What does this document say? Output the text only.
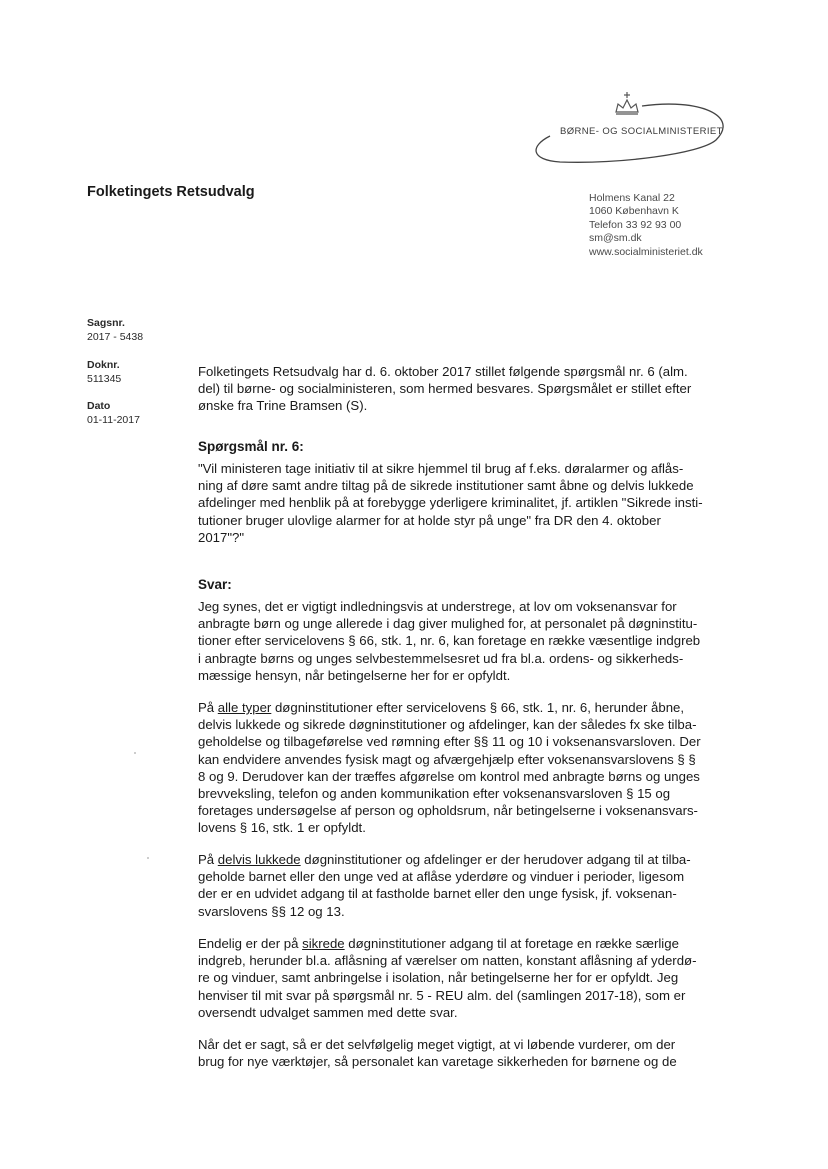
BØRNE- OG SOCIALMINISTERIET
Folketingets Retsudvalg	Holmens Kanal 22
1060 København K
Telefon 33 92 93 00
sm@sm.dk
www.socialministeriet.dk
Sagsnr.
2017 - 5438
Doknr.
511345
Dato
01-11-2017

Folketingets Retsudvalg har d. 6. oktober 2017 stillet følgende spørgsmål nr. 6 (alm.

del) til børne- og socialministeren, som hermed besvares. Spørgsmålet er stillet efter

ønske fra Trine Bramsen (S).

Spørgsmål nr. 6:

"Vil ministeren tage initiativ til at sikre hjemmel til brug af f.eks. døralarmer og aflås-

ning af døre samt andre tiltag på de sikrede institutioner samt åbne og delvis lukkede

afdelinger med henblik på at forebygge yderligere kriminalitet, jf. artiklen "Sikrede insti-

tutioner bruger ulovlige alarmer for at holde styr på unge" fra DR den 4. oktober

2017"?"

Svar:

Jeg synes, det er vigtigt indledningsvis at understrege, at lov om voksenansvar for

anbragte børn og unge allerede i dag giver mulighed for, at personalet på døgninstitu-

tioner efter servicelovens § 66, stk. 1, nr. 6, kan foretage en række væsentlige indgreb

i anbragte børns og unges selvbestemmelsesret ud fra bl.a. ordens- og sikkerheds-

mæssige hensyn, når betingelserne her for er opfyldt.

På alle typer døgninstitutioner efter servicelovens § 66, stk. 1, nr. 6, herunder åbne,

delvis lukkede og sikrede døgninstitutioner og afdelinger, kan der således fx ske tilba-

geholdelse og tilbageførelse ved rømning efter §§ 11 og 10 i voksenansvarsloven. Der

kan endvidere anvendes fysisk magt og afværgehjælp efter voksenansvarslovens § §

8 og 9. Derudover kan der træffes afgørelse om kontrol med anbragte børns og unges

brevveksling, telefon og anden kommunikation efter voksenansvarsloven § 15 og

foretages undersøgelse af person og opholdsrum, når betingelserne i voksenansvars-

lovens § 16, stk. 1 er opfyldt.

På delvis lukkede døgninstitutioner og afdelinger er der herudover adgang til at tilba-

geholde barnet eller den unge ved at aflåse yderdøre og vinduer i perioder, ligesom

der er en udvidet adgang til at fastholde barnet eller den unge fysisk, jf. voksenan-

svarslovens §§ 12 og 13.

Endelig er der på sikrede døgninstitutioner adgang til at foretage en række særlige

indgreb, herunder bl.a. aflåsning af værelser om natten, konstant aflåsning af yderdø-

re og vinduer, samt anbringelse i isolation, når betingelserne her for er opfyldt. Jeg

henviser til mit svar på spørgsmål nr. 5 - REU alm. del (samlingen 2017-18), som er

oversendt udvalget sammen med dette svar.

Når det er sagt, så er det selvfølgelig meget vigtigt, at vi løbende vurderer, om der

brug for nye værktøjer, så personalet kan varetage sikkerheden for børnene og de
